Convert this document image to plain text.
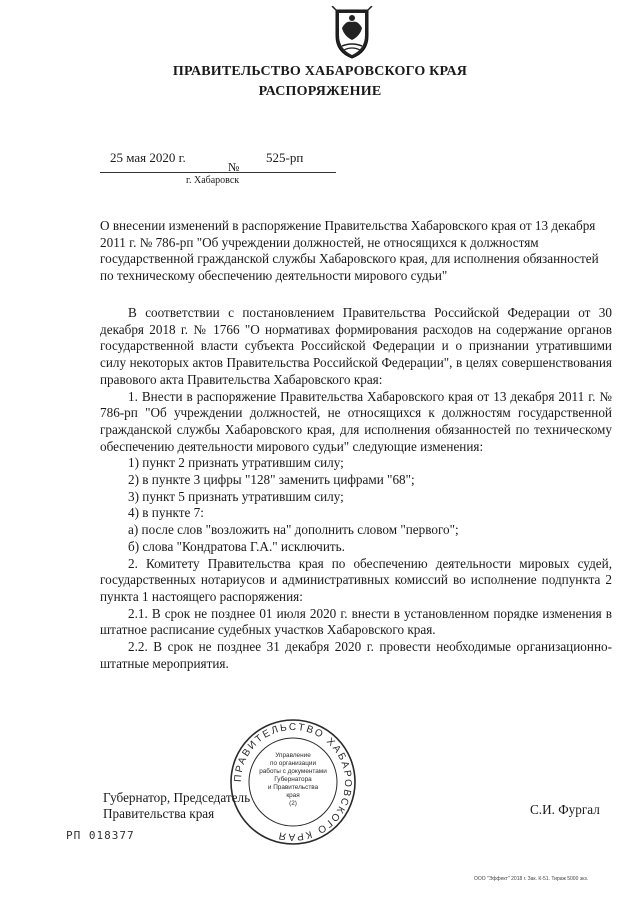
ПРАВИТЕЛЬСТВО ХАБАРОВСКОГО КРАЯ
РАСПОРЯЖЕНИЕ
25 мая 2020 г.
№
525-рп
г. Хабаровск
О внесении изменений в распоряжение Правительства Хабаровского края от 13 декабря 2011 г. № 786-рп "Об учреждении должностей, не относящихся к должностям государственной гражданской службы Хабаровского края, для исполнения обязанностей по техническому обеспечению деятельности мирового судьи"

В соответствии с постановлением Правительства Российской Федерации от 30 декабря 2018 г. № 1766 "О нормативах формирования расходов на содержание органов государственной власти субъекта Российской Федерации и о признании утратившими силу некоторых актов Правительства Российской Федерации", в целях совершенствования правового акта Правительства Хабаровского края:

1. Внести в распоряжение Правительства Хабаровского края от 13 декабря 2011 г. № 786-рп "Об учреждении должностей, не относящихся к должностям государственной гражданской службы Хабаровского края, для исполнения обязанностей по техническому обеспечению деятельности мирового судьи" следующие изменения:

1) пункт 2 признать утратившим силу;

2) в пункте 3 цифры "128" заменить цифрами "68";

3) пункт 5 признать утратившим силу;

4) в пункте 7:

а) после слов "возложить на" дополнить словом "первого";

б) слова "Кондратова Г.А." исключить.

2. Комитету Правительства края по обеспечению деятельности мировых судей, государственных нотариусов и административных комиссий во исполнение подпункта 2 пункта 1 настоящего распоряжения:

2.1. В срок не позднее 01 июля 2020 г. внести в установленном порядке изменения в штатное расписание судебных участков Хабаровского края.

2.2. В срок не позднее 31 декабря 2020 г. провести необходимые организационно-штатные мероприятия.

ПРАВИТЕЛЬСТВО ХАБАРОВСКОГО КРАЯ
Управление
по организации
работы с документами
Губернатора
и Правительства
края
(2)
Губернатор, Председатель
Правительства края	С.И. Фургал
РП 018377
ООО "Эффект" 2018 г. Зак. К-51. Тираж 5000 экз.
